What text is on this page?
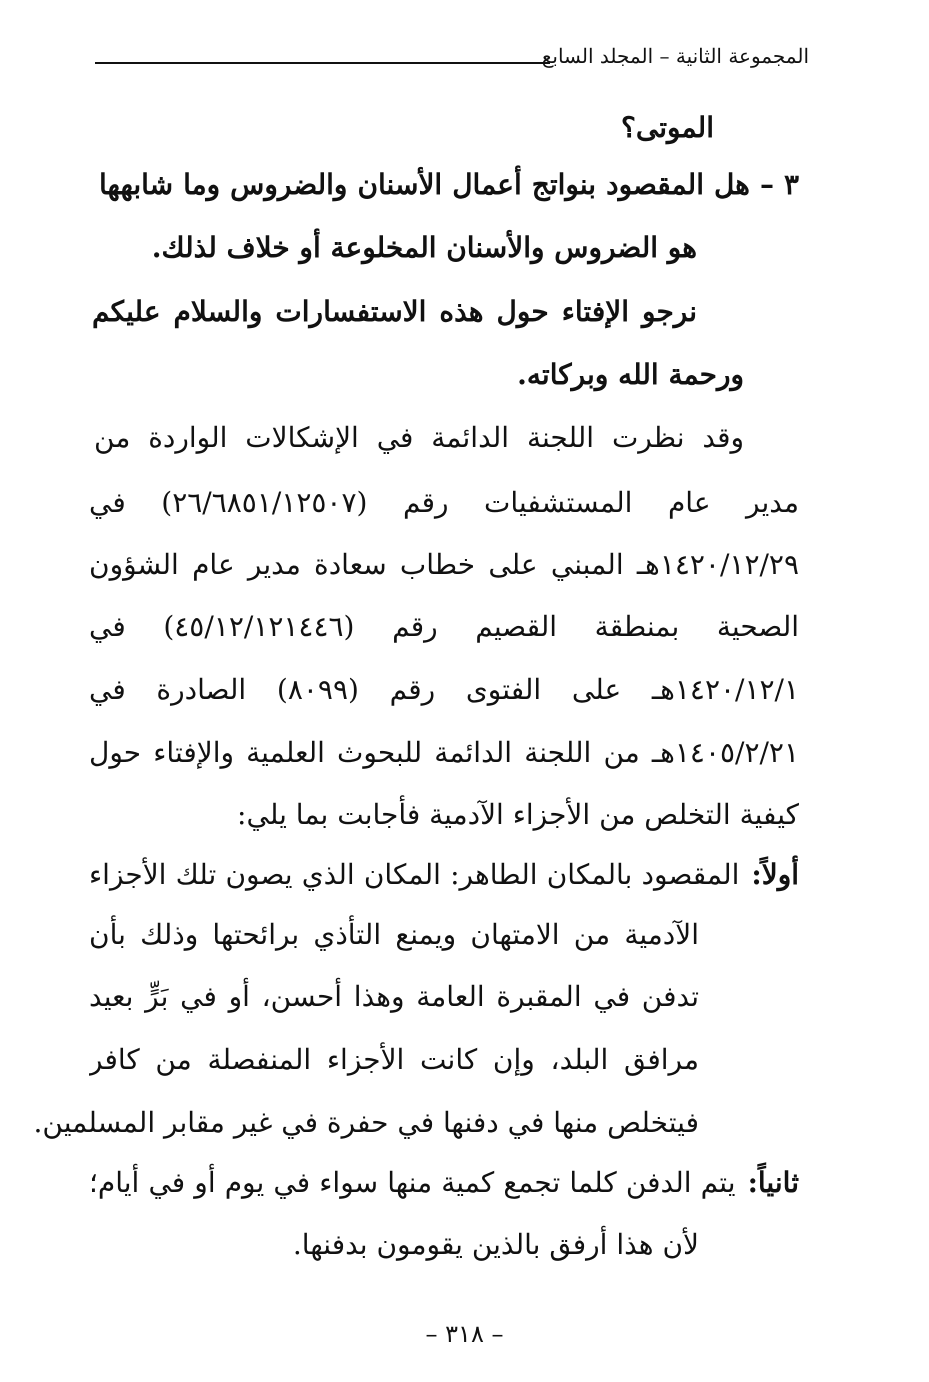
المجموعة الثانية – المجلد السابع
الموتى؟
٣ – هل المقصود بنواتج أعمال الأسنان والضروس وما شابهها
هو الضروس والأسنان المخلوعة أو خلاف لذلك.
نرجو الإفتاء حول هذه الاستفسارات والسلام عليكم
ورحمة الله وبركاته.
وقد نظرت اللجنة الدائمة في الإشكالات الواردة من
مدير عام المستشفيات رقم (٢٦/٦٨٥١/١٢٥٠٧) في
١٤٢٠/١٢/٢٩هـ المبني على خطاب سعادة مدير عام الشؤون
الصحية بمنطقة القصيم رقم (٤٥/١٢/١٢١٤٤٦) في
١٤٢٠/١٢/١هـ على الفتوى رقم (٨٠٩٩) الصادرة في
١٤٠٥/٢/٢١هـ من اللجنة الدائمة للبحوث العلمية والإفتاء حول
كيفية التخلص من الأجزاء الآدمية فأجابت بما يلي:
أولاً:
المقصود بالمكان الطاهر: المكان الذي يصون تلك الأجزاء
الآدمية من الامتهان ويمنع التأذي برائحتها وذلك بأن
تدفن في المقبرة العامة وهذا أحسن، أو في بَرٍّ بعيد
مرافق البلد، وإن كانت الأجزاء المنفصلة من كافر
فيتخلص منها في دفنها في حفرة في غير مقابر المسلمين.
ثانياً:
يتم الدفن كلما تجمع كمية منها سواء في يوم أو في أيام؛
لأن هذا أرفق بالذين يقومون بدفنها.
– ٣١٨ –
